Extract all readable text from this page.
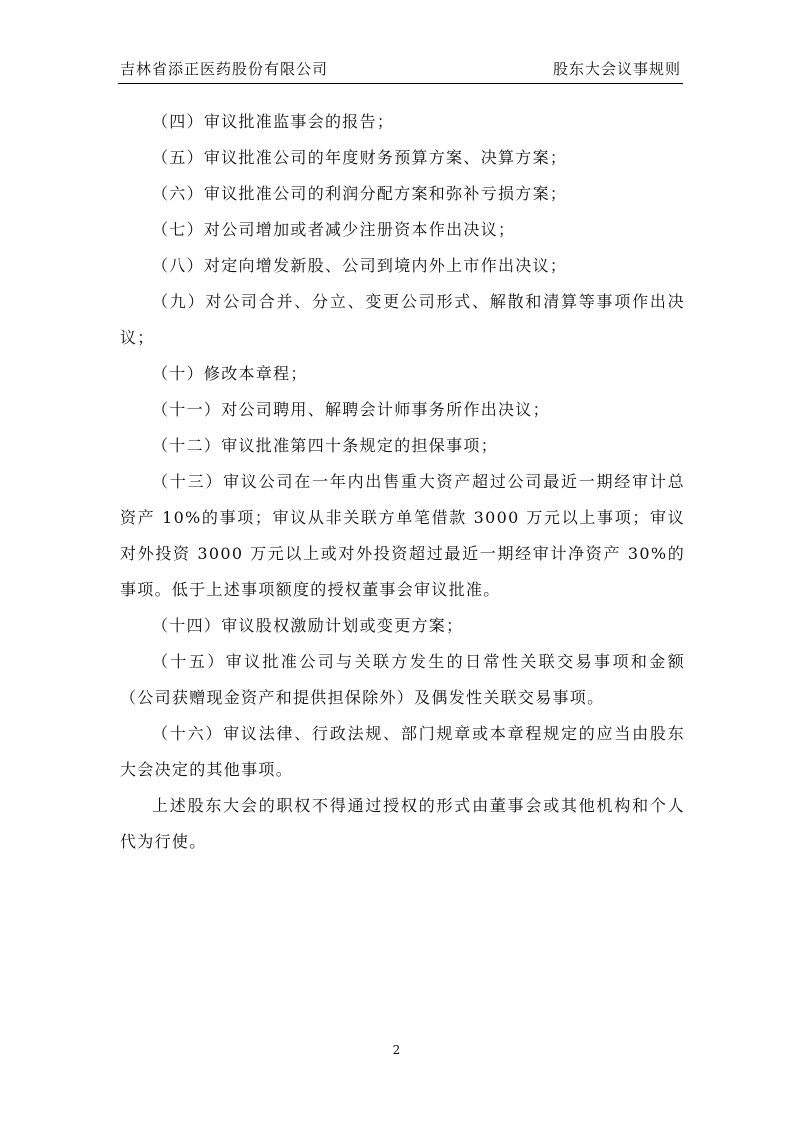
吉林省添正医药股份有限公司	股东大会议事规则

（四）审议批准监事会的报告；

（五）审议批准公司的年度财务预算方案、决算方案；

（六）审议批准公司的利润分配方案和弥补亏损方案；

（七）对公司增加或者减少注册资本作出决议；

（八）对定向增发新股、公司到境内外上市作出决议；

（九）对公司合并、分立、变更公司形式、解散和清算等事项作出决议；

（十）修改本章程；

（十一）对公司聘用、解聘会计师事务所作出决议；

（十二）审议批准第四十条规定的担保事项；

（十三）审议公司在一年内出售重大资产超过公司最近一期经审计总资产 10%的事项；审议从非关联方单笔借款 3000 万元以上事项；审议对外投资 3000 万元以上或对外投资超过最近一期经审计净资产 30%的事项。低于上述事项额度的授权董事会审议批准。

（十四）审议股权激励计划或变更方案；

（十五）审议批准公司与关联方发生的日常性关联交易事项和金额（公司获赠现金资产和提供担保除外）及偶发性关联交易事项。

（十六）审议法律、行政法规、部门规章或本章程规定的应当由股东大会决定的其他事项。

上述股东大会的职权不得通过授权的形式由董事会或其他机构和个人代为行使。

2
